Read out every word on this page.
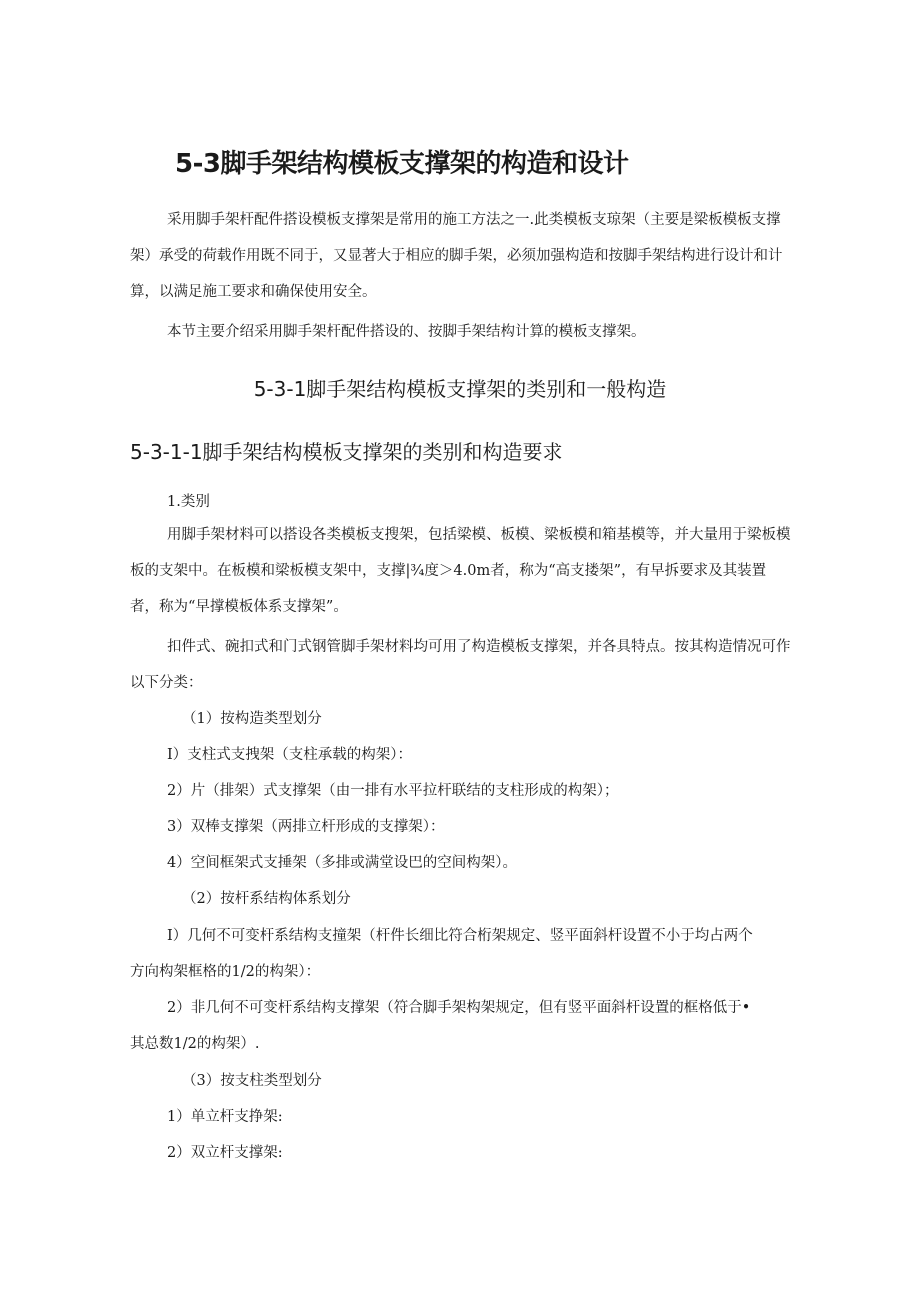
5-3脚手架结构模板支撑架的构造和设计

采用脚手架杆配件搭设模板支撑架是常用的施工方法之一.此类模板支琼架（主要是梁板模板支撑架）承受的荷载作用既不同于，又显著大于相应的脚手架，必须加强构造和按脚手架结构进行设计和计算，以满足施工要求和确保使用安全。

本节主要介绍采用脚手架杆配件搭设的、按脚手架结构计算的模板支撑架。

5-3-1脚手架结构模板支撑架的类别和一般构造
5-3-1-1脚手架结构模板支撑架的类别和构造要求

1.类别

用脚手架材料可以搭设各类模板支搜架，包括梁模、板模、梁板模和箱基模等，并大量用于梁板模板的支架中。在板模和梁板模支架中，支撑|¾度＞4.0m者，称为“高支搂架”，有早拆要求及其装置者，称为“早撑模板体系支撑架”。

扣件式、碗扣式和门式钢管脚手架材料均可用了构造模板支撑架，并各具特点。按其构造情况可作以下分类：

（1）按构造类型划分

I）支柱式支拽架（支柱承载的构架）：

2）片（排架）式支撑架（由一排有水平拉杆联结的支柱形成的构架）；

3）双棒支撑架（两排立杆形成的支撑架）：

4）空间框架式支捶架（多排或满堂设巴的空间构架）。

（2）按杆系结构体系划分

I）几何不可变杆系结构支撞架（杆件长细比符合桁架规定、竖平面斜杆设置不小于均占两个

方向构架框格的1/2的构架）：

2）非几何不可变杆系结构支撑架（符合脚手架构架规定，但有竖平面斜杆设置的框格低于•

其总数1/2的构架）.

（3）按支柱类型划分

1）单立杆支挣架:

2）双立杆支撑架:
